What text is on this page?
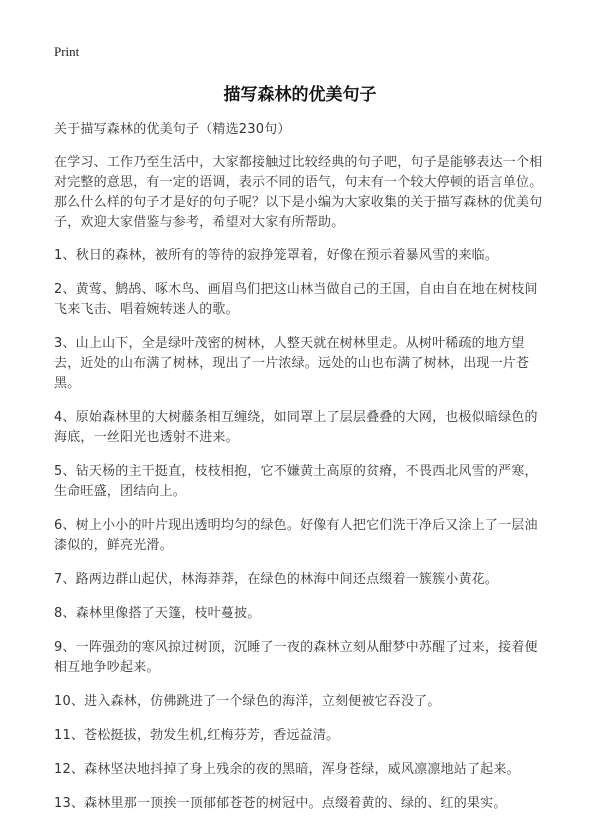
Print
描写森林的优美句子

关于描写森林的优美句子（精选230句）

在学习、工作乃至生活中，大家都接触过比较经典的句子吧，句子是能够表达一个相对完整的意思，有一定的语调，表示不同的语气，句末有一个较大停顿的语言单位。那么什么样的句子才是好的句子呢？以下是小编为大家收集的关于描写森林的优美句子，欢迎大家借鉴与参考，希望对大家有所帮助。

1、秋日的森林，被所有的等待的寂挣笼罩着，好像在预示着暴风雪的来临。

2、黄莺、鹪鸪、啄木鸟、画眉鸟们把这山林当做自己的王国，自由自在地在树枝间飞来飞击、唱着婉转迷人的歌。

3、山上山下，全是绿叶茂密的树林，人整天就在树林里走。从树叶稀疏的地方望去，近处的山布满了树林，现出了一片浓绿。远处的山也布满了树林，出现一片苍黑。

4、原始森林里的大树藤条相互缠绕，如同罩上了层层叠叠的大网，也极似暗绿色的海底，一丝阳光也透射不进来。

5、钻天杨的主干挺直，枝枝相抱，它不嫌黄土高原的贫瘠，不畏西北风雪的严寒，生命旺盛，团结向上。

6、树上小小的叶片现出透明均匀的绿色。好像有人把它们洗干净后又涂上了一层油漆似的，鲜亮光滑。

7、路两边群山起伏，林海莽莽，在绿色的林海中间还点缀着一簇簇小黄花。

8、森林里像搭了天篷，枝叶蔓披。

9、一阵强劲的寒风掠过树顶，沉睡了一夜的森林立刻从酣梦中苏醒了过来，接着便相互地争吵起来。

10、进入森林，仿佛跳进了一个绿色的海洋，立刻便被它吞没了。

11、苍松挺拔，勃发生机,红梅芬芳，香远益清。

12、森林坚决地抖掉了身上残余的夜的黑暗，浑身苍绿，威风凛凛地站了起来。

13、森林里那一顶挨一顶郁郁苍苍的树冠中。点缀着黄的、绿的、红的果实。
